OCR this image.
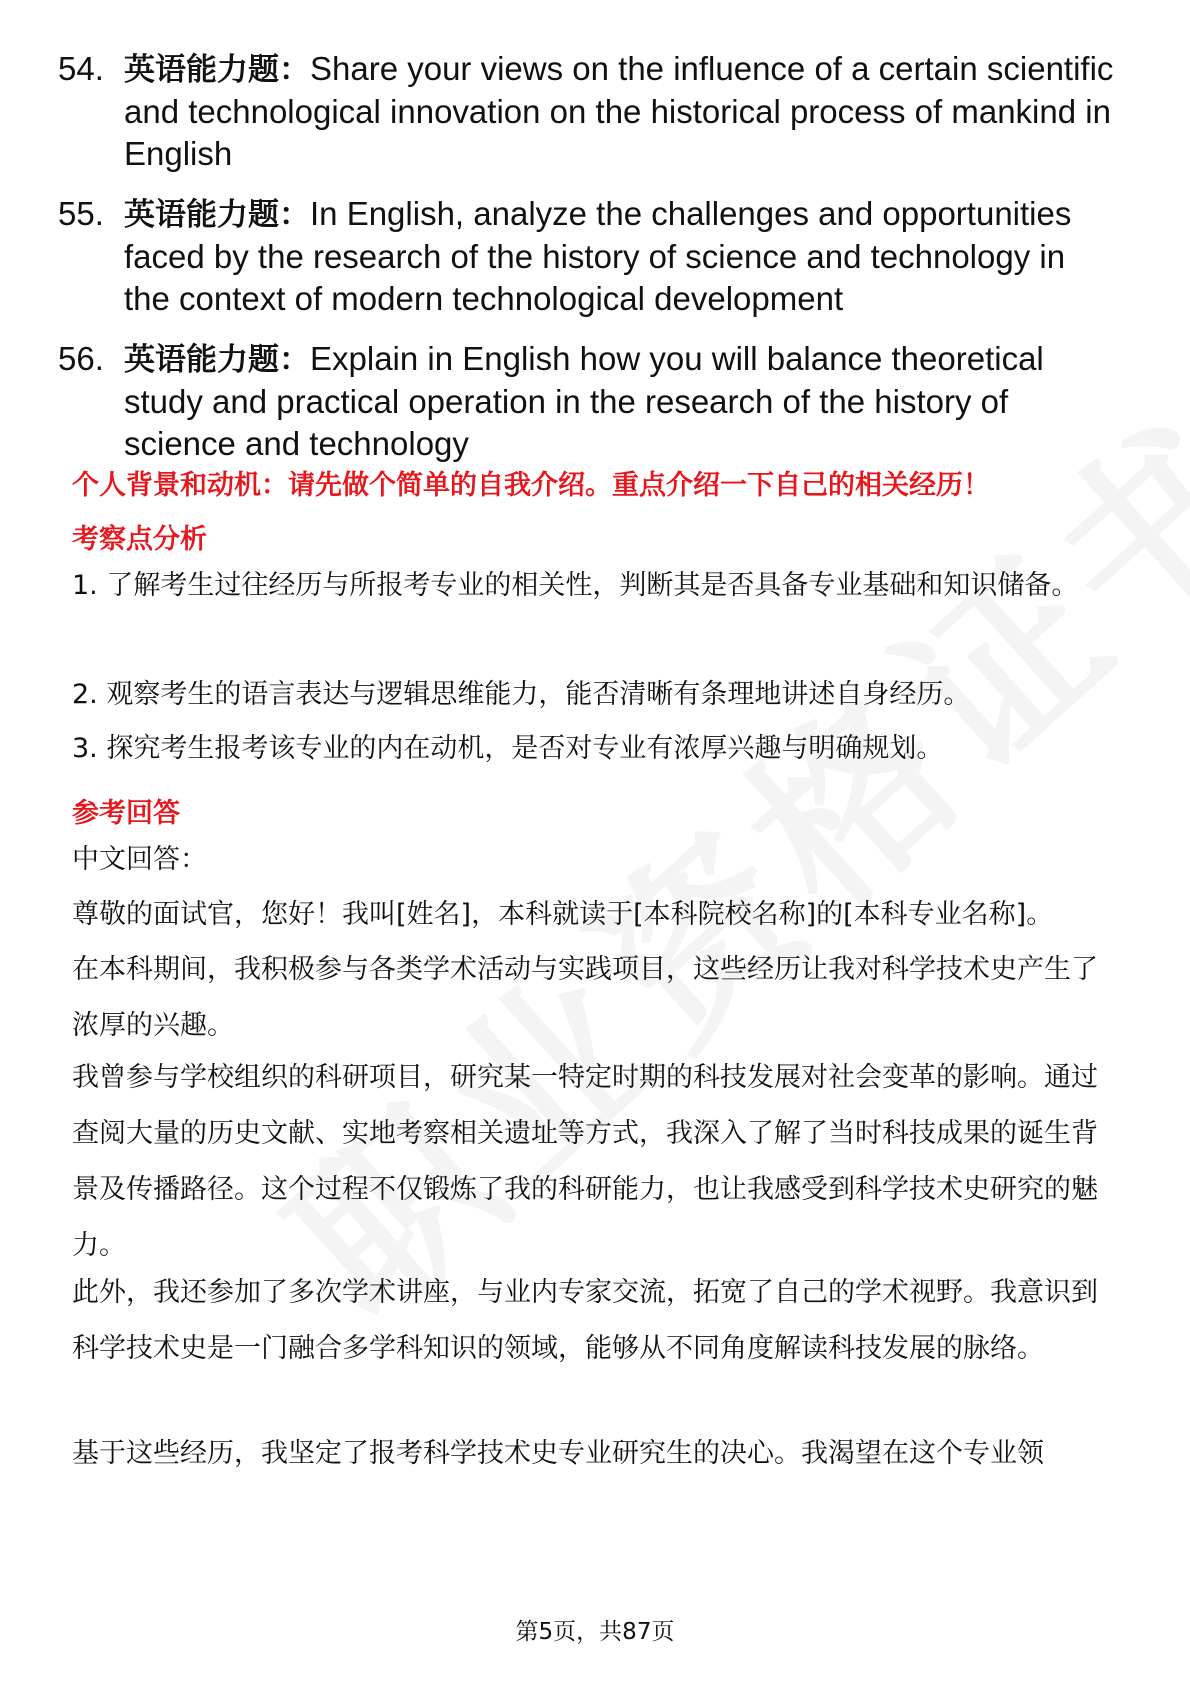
54. 英语能力题：Share your views on the influence of a certain scientific and technological innovation on the historical process of mankind in English
55. 英语能力题：In English, analyze the challenges and opportunities faced by the research of the history of science and technology in the context of modern technological development
56. 英语能力题：Explain in English how you will balance theoretical study and practical operation in the research of the history of science and technology
个人背景和动机：请先做个简单的自我介绍。重点介绍一下自己的相关经历！
考察点分析
1. 了解考生过往经历与所报考专业的相关性，判断其是否具备专业基础和知识储备。
2. 观察考生的语言表达与逻辑思维能力，能否清晰有条理地讲述自身经历。
3. 探究考生报考该专业的内在动机，是否对专业有浓厚兴趣与明确规划。
参考回答
中文回答：
尊敬的面试官，您好！我叫[姓名]，本科就读于[本科院校名称]的[本科专业名称]。
在本科期间，我积极参与各类学术活动与实践项目，这些经历让我对科学技术史产生了浓厚的兴趣。
我曾参与学校组织的科研项目，研究某一特定时期的科技发展对社会变革的影响。通过查阅大量的历史文献、实地考察相关遗址等方式，我深入了解了当时科技成果的诞生背景及传播路径。这个过程不仅锻炼了我的科研能力，也让我感受到科学技术史研究的魅力。
此外，我还参加了多次学术讲座，与业内专家交流，拓宽了自己的学术视野。我意识到科学技术史是一门融合多学科知识的领域，能够从不同角度解读科技发展的脉络。
基于这些经历，我坚定了报考科学技术史专业研究生的决心。我渴望在这个专业领
第5页，共87页
